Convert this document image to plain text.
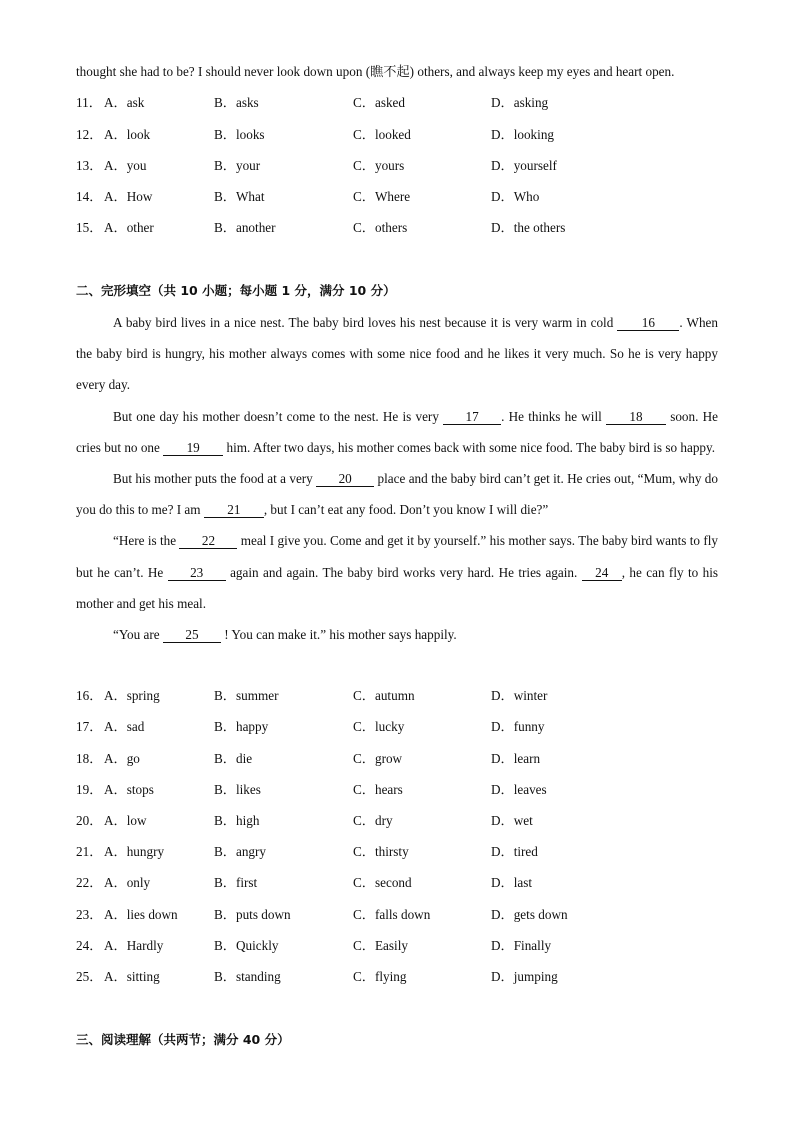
thought she had to be? I should never look down upon (瞧不起) others, and always keep my eyes and heart open.
11． A．ask	B．asks	C．asked	D．asking
12． A．look	B．looks	C．looked	D．looking
13． A．you	B．your	C．yours	D．yourself
14． A．How	B．What	C．Where	D．Who
15． A．other	B．another	C．others	D．the others
二、完形填空（共 10 小题；每小题 1 分，满分 10 分）

A baby bird lives in a nice nest. The baby bird loves his nest because it is very warm in cold 16 . When the baby bird is hungry, his mother always comes with some nice food and he likes it very much. So he is very happy every day.

But one day his mother doesn’t come to the nest. He is very 17 . He thinks he will 18 soon. He cries but no one 19 him. After two days, his mother comes back with some nice food. The baby bird is so happy.

But his mother puts the food at a very 20 place and the baby bird can’t get it. He cries out, “Mum, why do you do this to me? I am 21 , but I can’t eat any food. Don’t you know I will die?”

“Here is the 22 meal I give you. Come and get it by yourself.” his mother says. The baby bird wants to fly but he can’t. He 23 again and again. The baby bird works very hard. He tries again. 24 , he can fly to his mother and get his meal.

“You are 25 ! You can make it.” his mother says happily.

16． A．spring	B．summer	C．autumn	D．winter
17． A．sad	B．happy	C．lucky	D．funny
18． A．go	B．die	C．grow	D．learn
19． A．stops	B．likes	C．hears	D．leaves
20． A．low	B．high	C．dry	D．wet
21． A．hungry	B．angry	C．thirsty	D．tired
22． A．only	B．first	C．second	D．last
23． A．lies down	B．puts down	C．falls down	D．gets down
24． A．Hardly	B．Quickly	C．Easily	D．Finally
25． A．sitting	B．standing	C．flying	D．jumping
三、阅读理解（共两节；满分 40 分）
